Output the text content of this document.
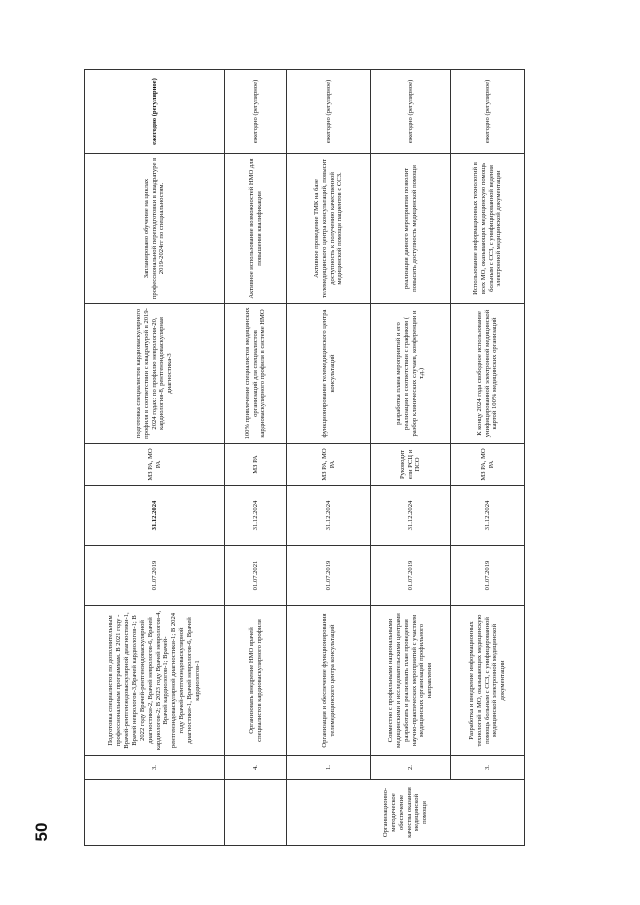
	3.	Подготовка специалистов по дополнительным профессиональным программам. В 2021 году - Врачей-рентгенэндоваскулярной диагностики-1, Врачей неврологов-3,Врачей кардиологов-1; В 2022 году Врачей-рентгенэндоваскулярной диагностики-2, Врачей неврологов-6, Врачей кардиологов-2; В 2023 году Врачей неврологов-4, Врачей кардиологов-1; Врачей-рентгенэндоваскулярной диагностики-1; В 2024 году Врачей-рентгенэндоваскулярной диагностики-1, Врачей неврологов-6, Врачей кардиологов-1	01.07.2019	31.12.2024	МЗ РА, МО РА	подготовка специалистов кардиоваскулярного профиля в соответствии с квадратурой в 2019-2024 годах: по профилю неврология-20, кардиология-8, рентгенэндоваскулярная диагностика-3	Запланировано обучение на циклах профессиональной переподготовки в квадратуре в 2019-2024гг по специальностям.	ежегодно (регулярное)
	4.	Организовать внедрение НМО врачей специалистов кардиоваскулярного профиля	01.07.2021	31.12.2024	МЗ РА	100% привлечение специалистов медицинских организаций для специалистов кардиоваскулярного профиля в системе НМО	Активное использование возможностей НМО для повышения квалификации	ежегодно (регулярное)
Организационно-методическое обеспечение качества оказания медицинской помощи	1.	Организация и обеспечение функционирования телемедицинского центра консультаций	01.07.2019	31.12.2024	МЗ РА, МО РА	функционирование телемедицинского центра консультаций	Активное проведение ТМК на базе телемедицинского центра консультаций, повысит доступность к получению качественной медицинской помощи пациентов с ССЗ.	ежегодно (регулярное)
	2.	Совместно с профильными национальными медицинскими и исследовательскими центрами разработать и реализовать план проведения научно-практических мероприятий с участием медицинских организаций профильного направления	01.07.2019	31.12.2024	Руководит ели РСЦ и ПСО	разработка плана мероприятий и его реализации в соответствии с графиком ( разбор клинических случаев, конференции и т.д.)	реализация данного мероприятия позволит повысить доступность медицинской помощи	ежегодно (регулярное)
	3.	Разработка и внедрение информационных технологий в МО, оказывающих медицинскую помощь больным с ССЗ, с унифицированной медицинской электронной медицинской документации	01.07.2019	31.12.2024	МЗ РА, МО РА	К концу 2024 года свободное использование унифицированной электронной медицинской картой 100% медицинских организаций	Использование информационных технологий в всех МО, оказывающих медицинскую помощь больным с ССЗ, с унифицированной ведения электронной медицинской документации	ежегодно (регулярное)
50
